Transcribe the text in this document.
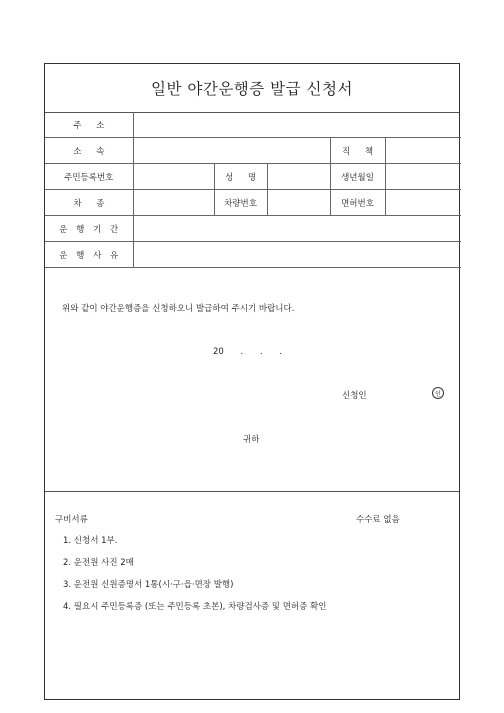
일반 야간운행증 발급 신청서
주 소					
소 속				직 책	
주민등록번호		성 명		생년월일	
차 종		차량번호		면허번호	
운 행 기 간					
운 행 사 유					
위와 같이 야간운행증을 신청하오니 발급하여 주시기 바랍니다.
20 . . .
신청인	인
귀하
구비서류	수수료 없음
1. 신청서 1부.
2. 운전원 사진 2매
3. 운전원 신원증명서 1통(시·구·읍·면장 발행)
4. 필요시 주민등록증 (또는 주민등록 초본), 차량검사증 및 면허증 확인
